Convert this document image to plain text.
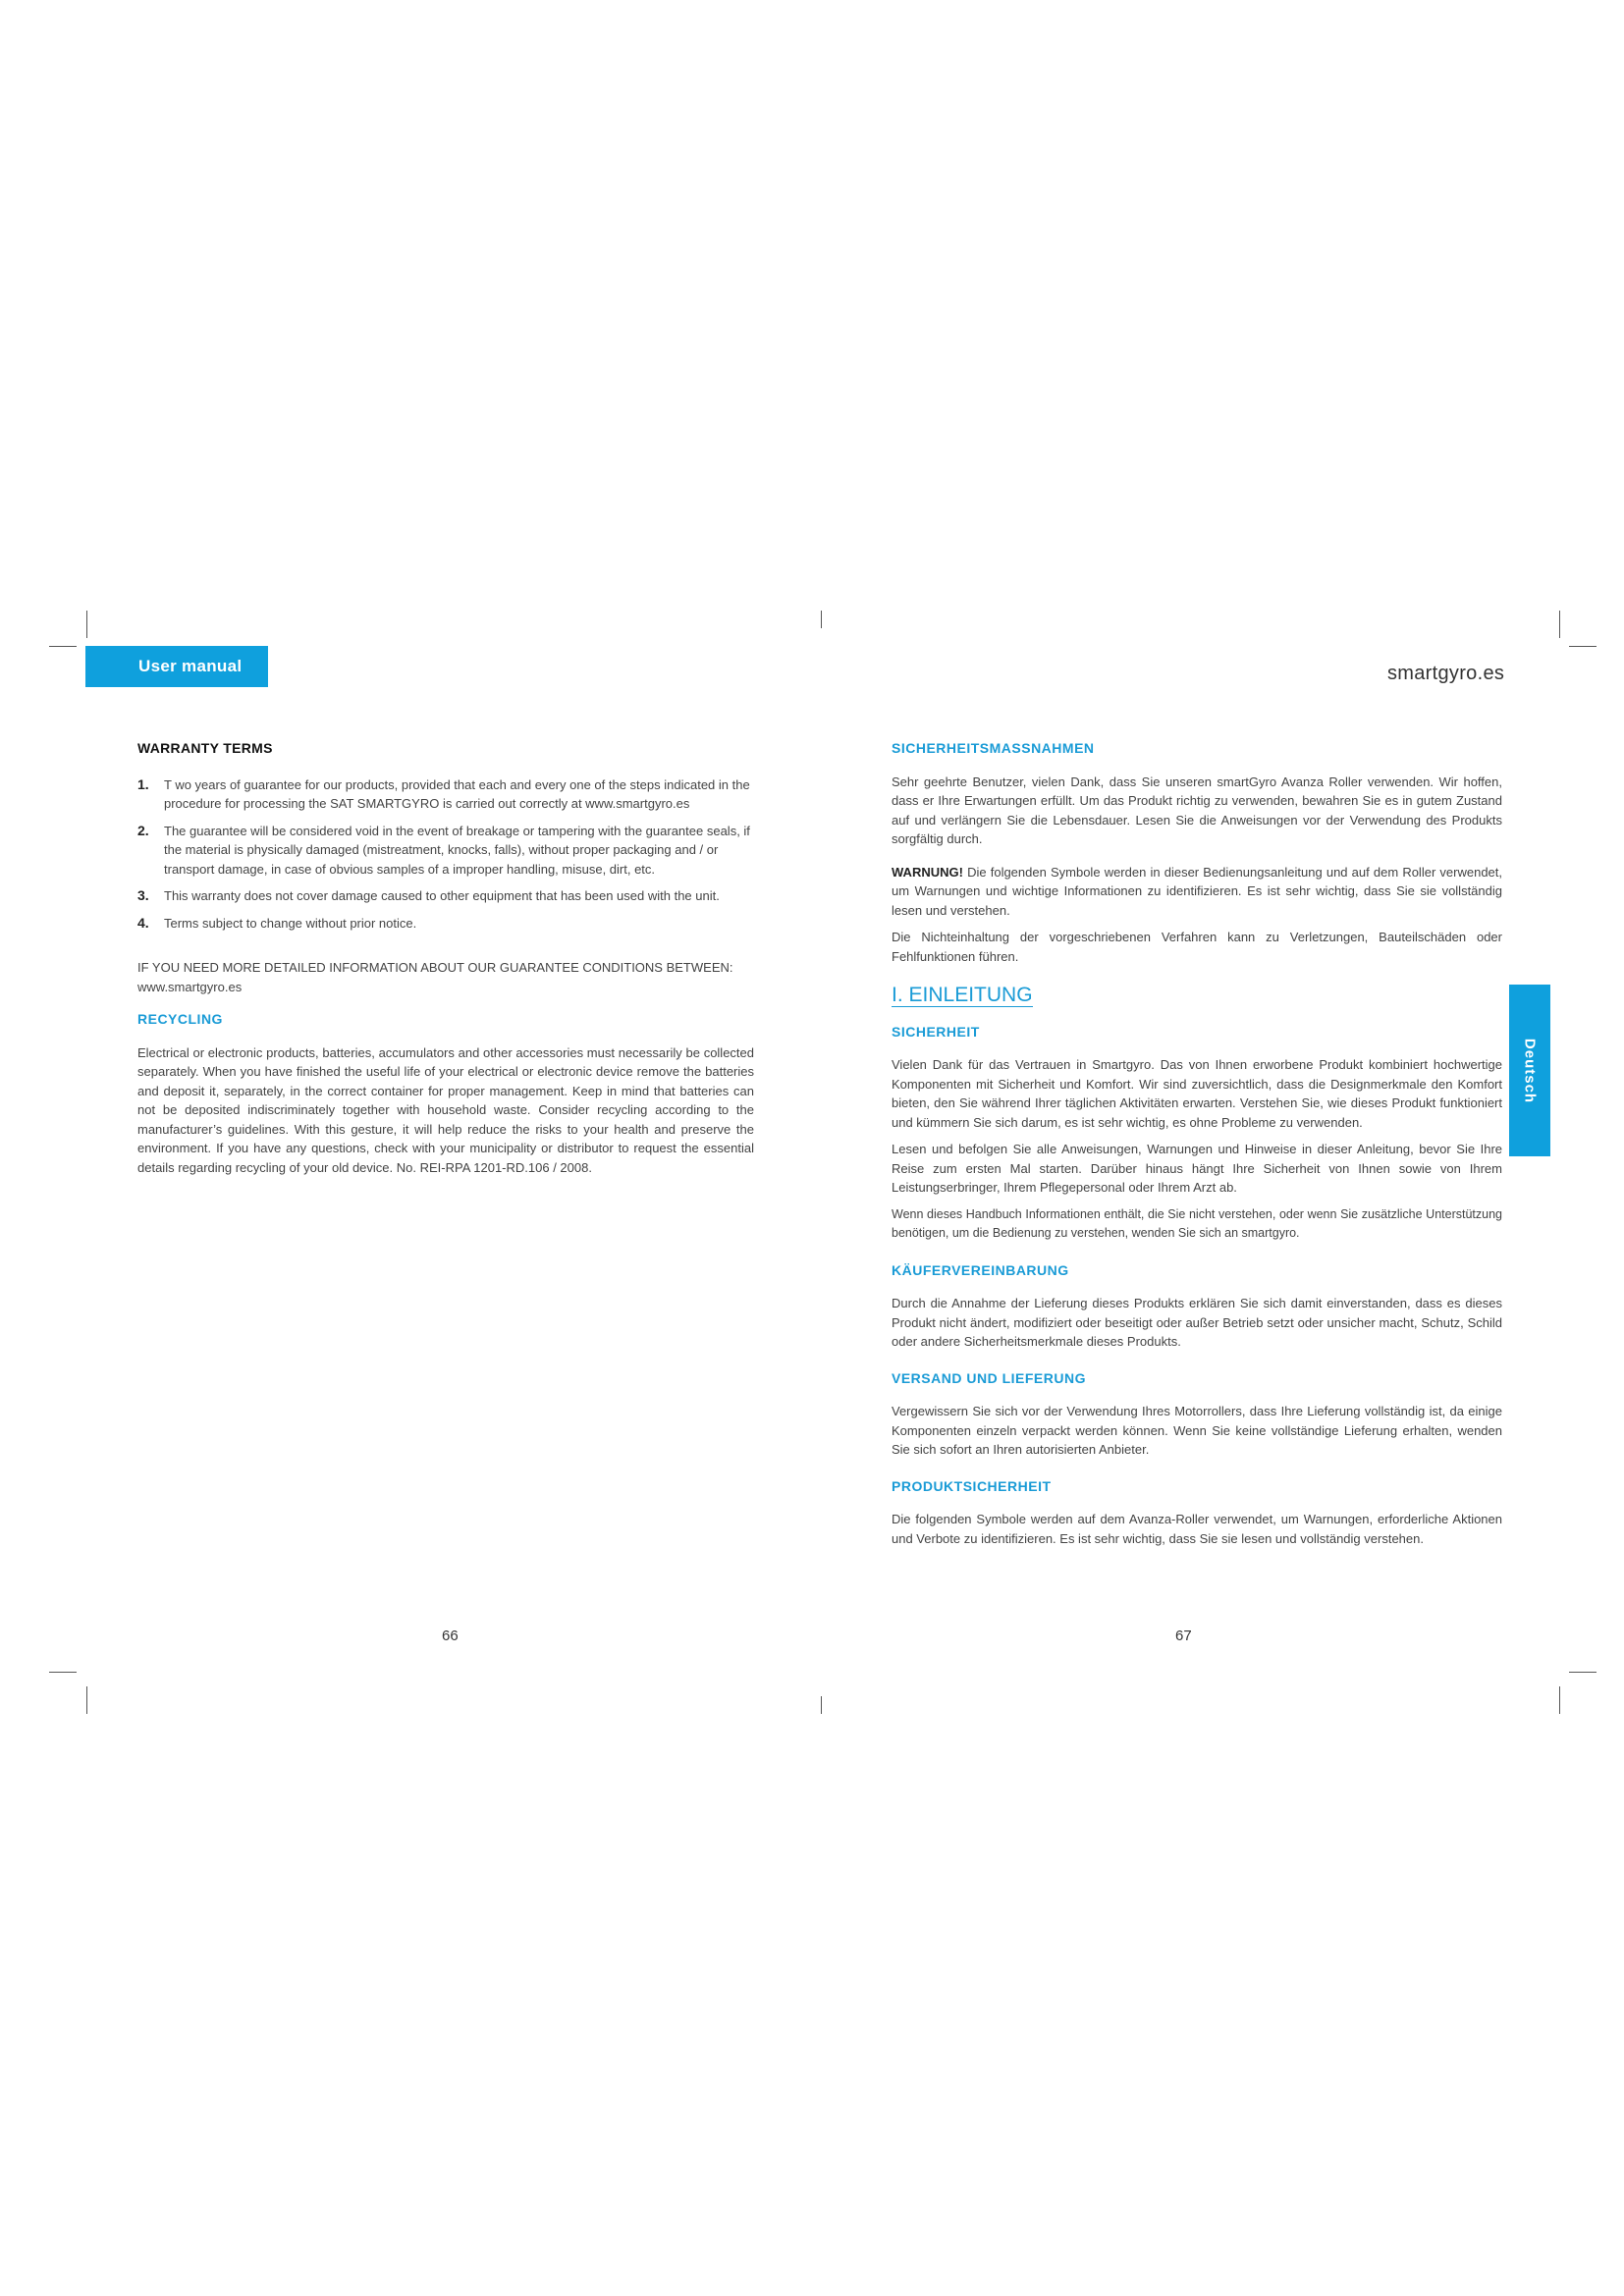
User manual	smartgyro.es
WARRANTY TERMS
1. T wo years of guarantee for our products, provided that each and every one of the steps indicated in the procedure for processing the SAT SMARTGYRO is carried out correctly at www.smartgyro.es
2. The guarantee will be considered void in the event of breakage or tampering with the guarantee seals, if the material is physically damaged (mistreatment, knocks, falls), without proper packaging and / or transport damage, in case of obvious samples of a improper handling, misuse, dirt, etc.
3. This warranty does not cover damage caused to other equipment that has been used with the unit.
4. Terms subject to change without prior notice.

IF YOU NEED MORE DETAILED INFORMATION ABOUT OUR GUARANTEE CONDITIONS BETWEEN: www.smartgyro.es

RECYCLING

Electrical or electronic products, batteries, accumulators and other accessories must necessarily be collected separately. When you have finished the useful life of your electrical or electronic device remove the batteries and deposit it, separately, in the correct container for proper management. Keep in mind that batteries can not be deposited indiscriminately together with household waste. Consider recycling according to the manufacturer’s guidelines. With this gesture, it will help reduce the risks to your health and preserve the environment. If you have any questions, check with your municipality or distributor to request the essential details regarding recycling of your old device. No. REI-RPA 1201-RD.106 / 2008.

SICHERHEITSMASSNAHMEN

Sehr geehrte Benutzer, vielen Dank, dass Sie unseren smartGyro Avanza Roller verwenden. Wir hoffen, dass er Ihre Erwartungen erfüllt. Um das Produkt richtig zu verwenden, bewahren Sie es in gutem Zustand auf und verlängern Sie die Lebensdauer. Lesen Sie die Anweisungen vor der Verwendung des Produkts sorgfältig durch.

WARNUNG! Die folgenden Symbole werden in dieser Bedienungsanleitung und auf dem Roller verwendet, um Warnungen und wichtige Informationen zu identifizieren. Es ist sehr wichtig, dass Sie sie vollständig lesen und verstehen.

Die Nichteinhaltung der vorgeschriebenen Verfahren kann zu Verletzungen, Bauteilschäden oder Fehlfunktionen führen.

I. EINLEITUNG
SICHERHEIT

Vielen Dank für das Vertrauen in Smartgyro. Das von Ihnen erworbene Produkt kombiniert hochwertige Komponenten mit Sicherheit und Komfort. Wir sind zuversichtlich, dass die Designmerkmale den Komfort bieten, den Sie während Ihrer täglichen Aktivitäten erwarten. Verstehen Sie, wie dieses Produkt funktioniert und kümmern Sie sich darum, es ist sehr wichtig, es ohne Probleme zu verwenden.

Lesen und befolgen Sie alle Anweisungen, Warnungen und Hinweise in dieser Anleitung, bevor Sie Ihre Reise zum ersten Mal starten. Darüber hinaus hängt Ihre Sicherheit von Ihnen sowie von Ihrem Leistungserbringer, Ihrem Pflegepersonal oder Ihrem Arzt ab.

Wenn dieses Handbuch Informationen enthält, die Sie nicht verstehen, oder wenn Sie zusätzliche Unterstützung benötigen, um die Bedienung zu verstehen, wenden Sie sich an smartgyro.

KÄUFERVEREINBARUNG

Durch die Annahme der Lieferung dieses Produkts erklären Sie sich damit einverstanden, dass es dieses Produkt nicht ändert, modifiziert oder beseitigt oder außer Betrieb setzt oder unsicher macht, Schutz, Schild oder andere Sicherheitsmerkmale dieses Produkts.

VERSAND UND LIEFERUNG

Vergewissern Sie sich vor der Verwendung Ihres Motorrollers, dass Ihre Lieferung vollständig ist, da einige Komponenten einzeln verpackt werden können. Wenn Sie keine vollständige Lieferung erhalten, wenden Sie sich sofort an Ihren autorisierten Anbieter.

PRODUKTSICHERHEIT

Die folgenden Symbole werden auf dem Avanza-Roller verwendet, um Warnungen, erforderliche Aktionen und Verbote zu identifizieren. Es ist sehr wichtig, dass Sie sie lesen und vollständig verstehen.

Deutsch
66	67
